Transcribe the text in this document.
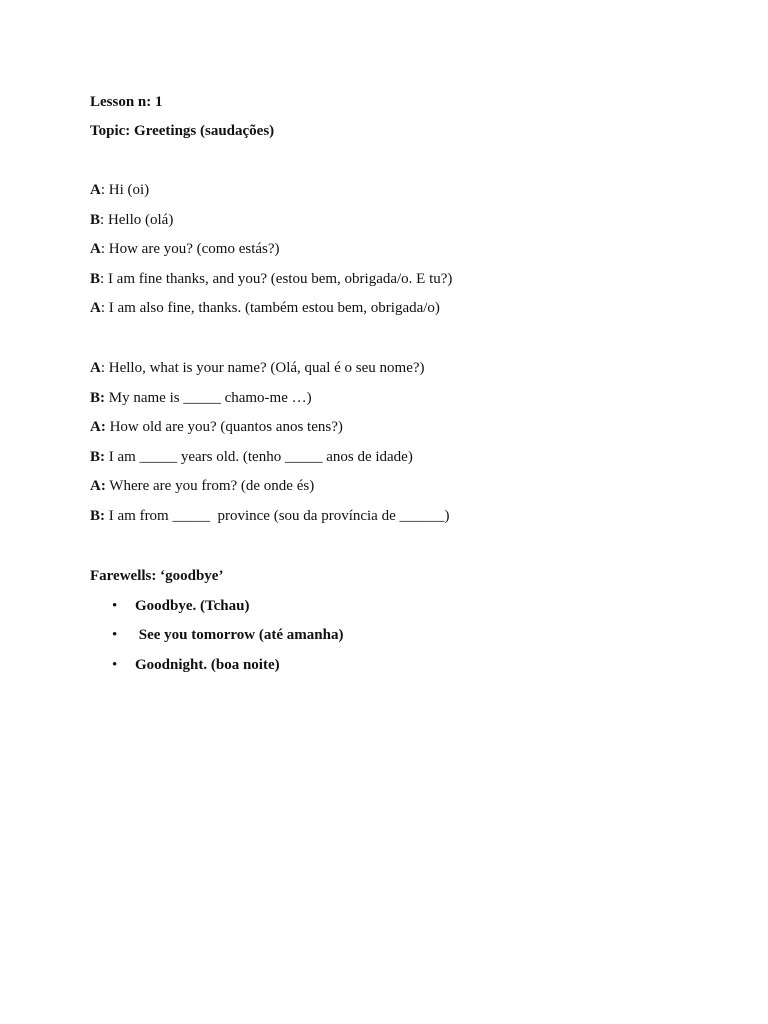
Lesson n: 1
Topic: Greetings (saudações)
A: Hi (oi)
B: Hello (olá)
A: How are you? (como estás?)
B: I am fine thanks, and you? (estou bem, obrigada/o. E tu?)
A: I am also fine, thanks. (também estou bem, obrigada/o)
A: Hello, what is your name? (Olá, qual é o seu nome?)
B: My name is _____ chamo-me …)
A: How old are you? (quantos anos tens?)
B: I am _____ years old. (tenho _____ anos de idade)
A: Where are you from? (de onde és)
B: I am from _____  province (sou da província de ______)
Farewells: ‘goodbye’
• Goodbye. (Tchau)
• See you tomorrow (até amanha)
• Goodnight. (boa noite)
